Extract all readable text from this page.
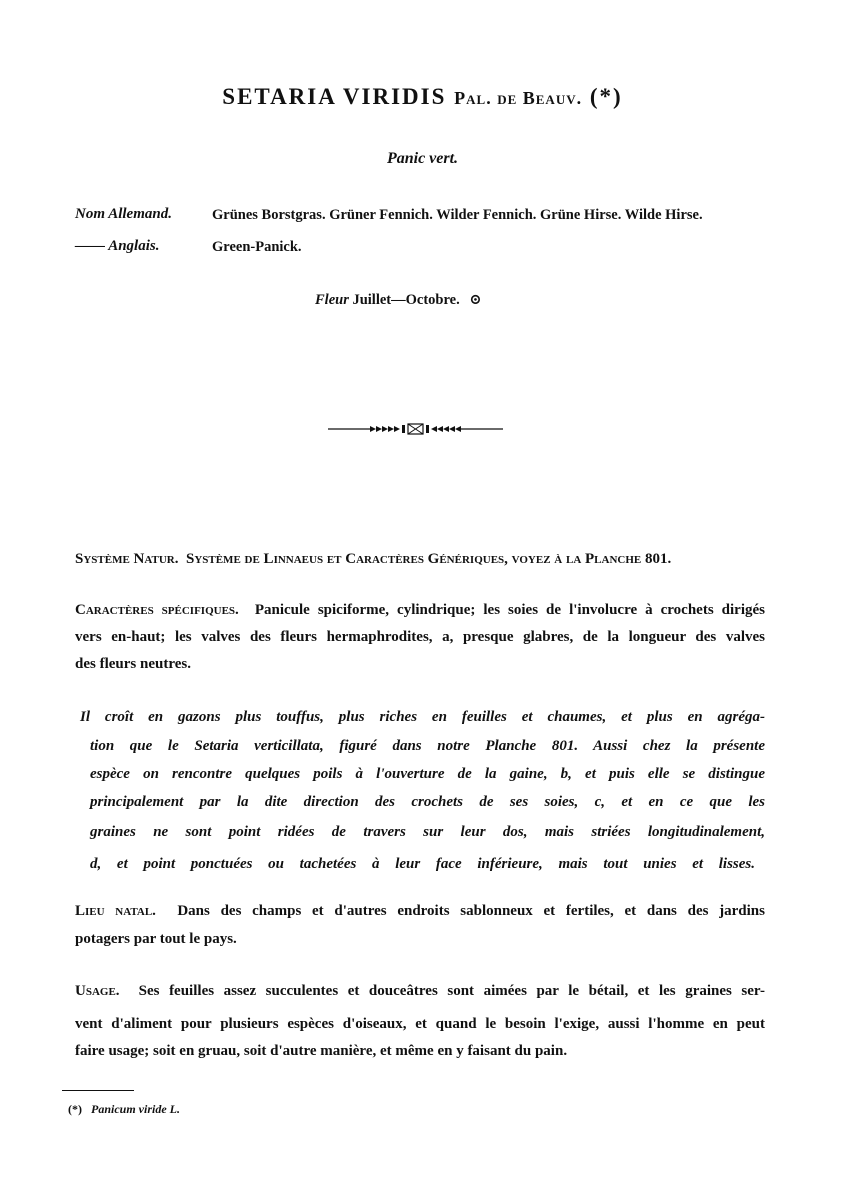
SETARIA VIRIDIS Pal. de Beauv. (*)
Panic vert.
Nom Allemand.	Grünes Borstgras. Grüner Fennich. Wilder Fennich. Grüne Hirse. Wilde Hirse.
—— Anglais.	Green-Panick.
Fleur Juillet—Octobre. ⊙
Système Natur. Système de Linnaeus et Caractères Génériques, voyez à la Planche 801.
Caractères spécifiques. Panicule spiciforme, cylindrique; les soies de l'involucre à crochets dirigés
vers en-haut; les valves des fleurs hermaphrodites, a, presque glabres, de la longueur des valves
des fleurs neutres.
Il croît en gazons plus touffus, plus riches en feuilles et chaumes, et plus en agréga-
tion que le Setaria verticillata, figuré dans notre Planche 801. Aussi chez la présente
espèce on rencontre quelques poils à l'ouverture de la gaine, b, et puis elle se distingue
principalement par la dite direction des crochets de ses soies, c, et en ce que les
graines ne sont point ridées de travers sur leur dos, mais striées longitudinalement,
d, et point ponctuées ou tachetées à leur face inférieure, mais tout unies et lisses.
Lieu natal. Dans des champs et d'autres endroits sablonneux et fertiles, et dans des jardins
potagers par tout le pays.
Usage. Ses feuilles assez succulentes et douceâtres sont aimées par le bétail, et les graines ser-
vent d'aliment pour plusieurs espèces d'oiseaux, et quand le besoin l'exige, aussi l'homme en peut
faire usage; soit en gruau, soit d'autre manière, et même en y faisant du pain.
(*) Panicum viride L.
